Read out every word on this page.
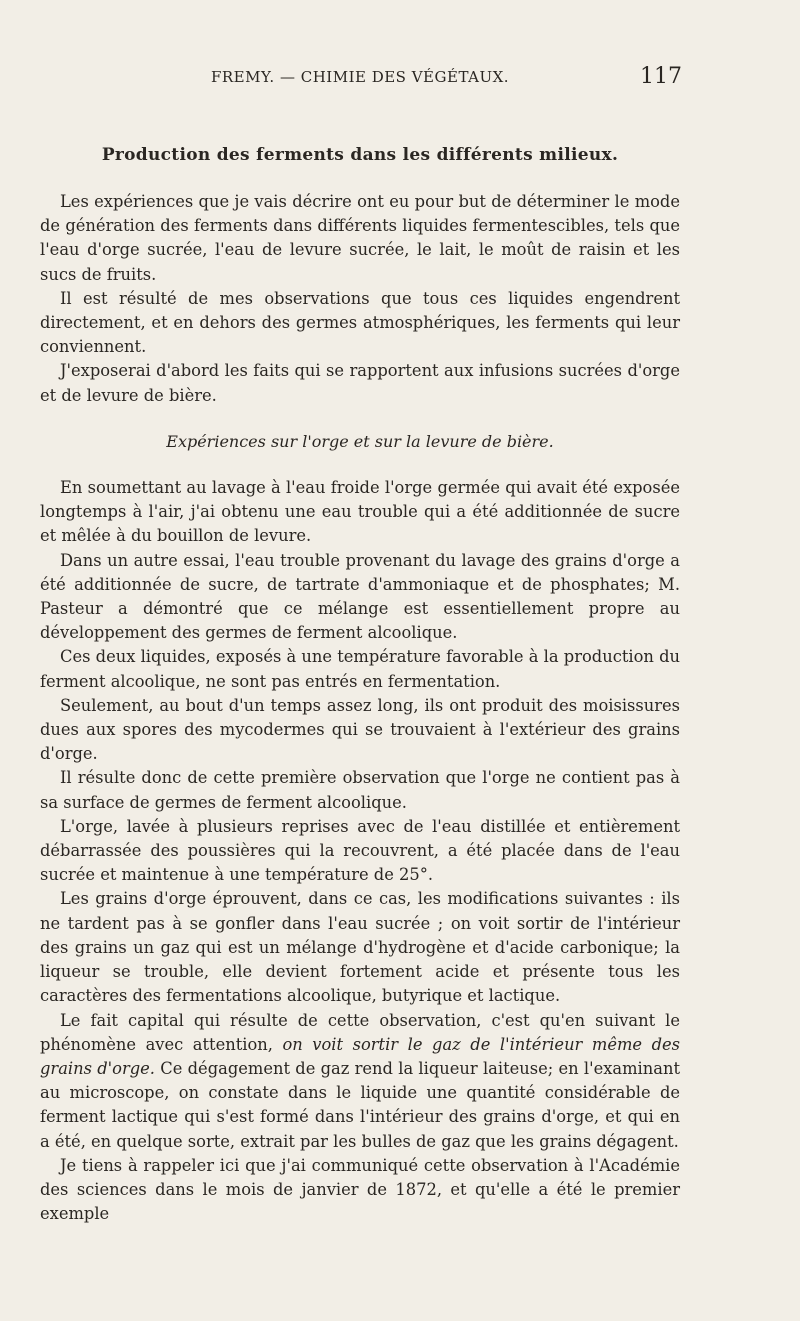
FREMY. — CHIMIE DES VÉGÉTAUX.	117
Production des ferments dans les différents milieux.

Les expériences que je vais décrire ont eu pour but de déterminer le mode de génération des ferments dans différents liquides fermentescibles, tels que l'eau d'orge sucrée, l'eau de levure sucrée, le lait, le moût de raisin et les sucs de fruits.

Il est résulté de mes observations que tous ces liquides engendrent directement, et en dehors des germes atmosphériques, les ferments qui leur conviennent.

J'exposerai d'abord les faits qui se rapportent aux infusions sucrées d'orge et de levure de bière.

Expériences sur l'orge et sur la levure de bière.

En soumettant au lavage à l'eau froide l'orge germée qui avait été exposée longtemps à l'air, j'ai obtenu une eau trouble qui a été additionnée de sucre et mêlée à du bouillon de levure.

Dans un autre essai, l'eau trouble provenant du lavage des grains d'orge a été additionnée de sucre, de tartrate d'ammoniaque et de phosphates; M. Pasteur a démontré que ce mélange est essentiellement propre au développement des germes de ferment alcoolique.

Ces deux liquides, exposés à une température favorable à la production du ferment alcoolique, ne sont pas entrés en fermentation.

Seulement, au bout d'un temps assez long, ils ont produit des moisissures dues aux spores des mycodermes qui se trouvaient à l'extérieur des grains d'orge.

Il résulte donc de cette première observation que l'orge ne contient pas à sa surface de germes de ferment alcoolique.

L'orge, lavée à plusieurs reprises avec de l'eau distillée et entièrement débarrassée des poussières qui la recouvrent, a été placée dans de l'eau sucrée et maintenue à une température de 25°.

Les grains d'orge éprouvent, dans ce cas, les modifications suivantes : ils ne tardent pas à se gonfler dans l'eau sucrée ; on voit sortir de l'intérieur des grains un gaz qui est un mélange d'hydrogène et d'acide carbonique; la liqueur se trouble, elle devient fortement acide et présente tous les caractères des fermentations alcoolique, butyrique et lactique.

Le fait capital qui résulte de cette observation, c'est qu'en suivant le phénomène avec attention, on voit sortir le gaz de l'intérieur même des grains d'orge. Ce dégagement de gaz rend la liqueur laiteuse; en l'examinant au microscope, on constate dans le liquide une quantité considérable de ferment lactique qui s'est formé dans l'intérieur des grains d'orge, et qui en a été, en quelque sorte, extrait par les bulles de gaz que les grains dégagent.

Je tiens à rappeler ici que j'ai communiqué cette observation à l'Académie des sciences dans le mois de janvier de 1872, et qu'elle a été le premier exemple
